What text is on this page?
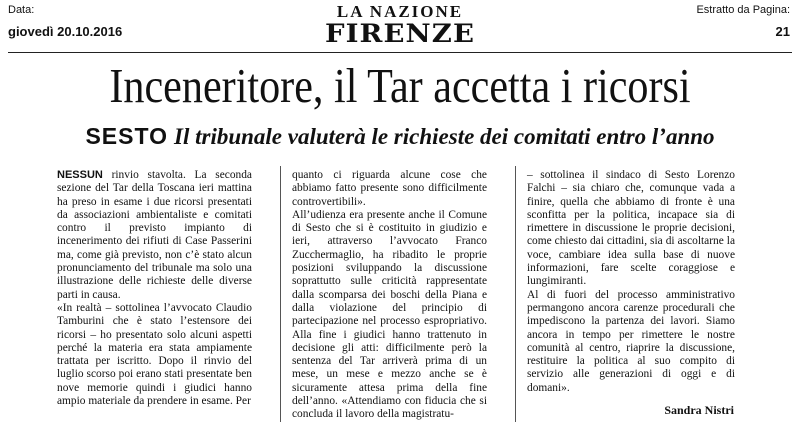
Data:
giovedì 20.10.2016
LA NAZIONE
FIRENZE
Estratto da Pagina:
21
Inceneritore, il Tar accetta i ricorsi
SESTO Il tribunale valuterà le richieste dei comitati entro l’anno

NESSUN rinvio stavolta. La seconda sezione del Tar della Toscana ieri mattina ha preso in esame i due ricorsi presentati da associazioni ambientaliste e comitati contro il previsto impianto di incenerimento dei rifiuti di Case Passerini ma, come già previsto, non c’è stato alcun pronunciamento del tribunale ma solo una illustrazione delle richieste delle diverse parti in causa.

«In realtà – sottolinea l’avvocato Claudio Tamburini che è stato l’estensore dei ricorsi – ho presentato solo alcuni aspetti perché la materia era stata ampiamente trattata per iscritto. Dopo il rinvio del luglio scorso poi erano stati presentate ben nove memorie quindi i giudici hanno ampio materiale da prendere in esame. Per

quanto ci riguarda alcune cose che abbiamo fatto presente sono difficilmente controvertibili».

All’udienza era presente anche il Comune di Sesto che si è costituito in giudizio e ieri, attraverso l’avvocato Franco Zucchermaglio, ha ribadito le proprie posizioni sviluppando la discussione soprattutto sulle criticità rappresentate dalla scomparsa dei boschi della Piana e dalla violazione del principio di partecipazione nel processo espropriativo. Alla fine i giudici hanno trattenuto in decisione gli atti: difficilmente però la sentenza del Tar arriverà prima di un mese, un mese e mezzo anche se è sicuramente attesa prima della fine dell’anno. «Attendiamo con fiducia che si concluda il lavoro della magistratu-

– sottolinea il sindaco di Sesto Lorenzo Falchi – sia chiaro che, comunque vada a finire, quella che abbiamo di fronte è una sconfitta per la politica, incapace sia di rimettere in discussione le proprie decisioni, come chiesto dai cittadini, sia di ascoltarne la voce, cambiare idea sulla base di nuove informazioni, fare scelte coraggiose e lungimiranti.

Al di fuori del processo amministrativo permangono ancora carenze procedurali che impediscono la partenza dei lavori. Siamo ancora in tempo per rimettere le nostre comunità al centro, riaprire la discussione, restituire la politica al suo compito di servizio alle generazioni di oggi e di domani».

Sandra Nistri
